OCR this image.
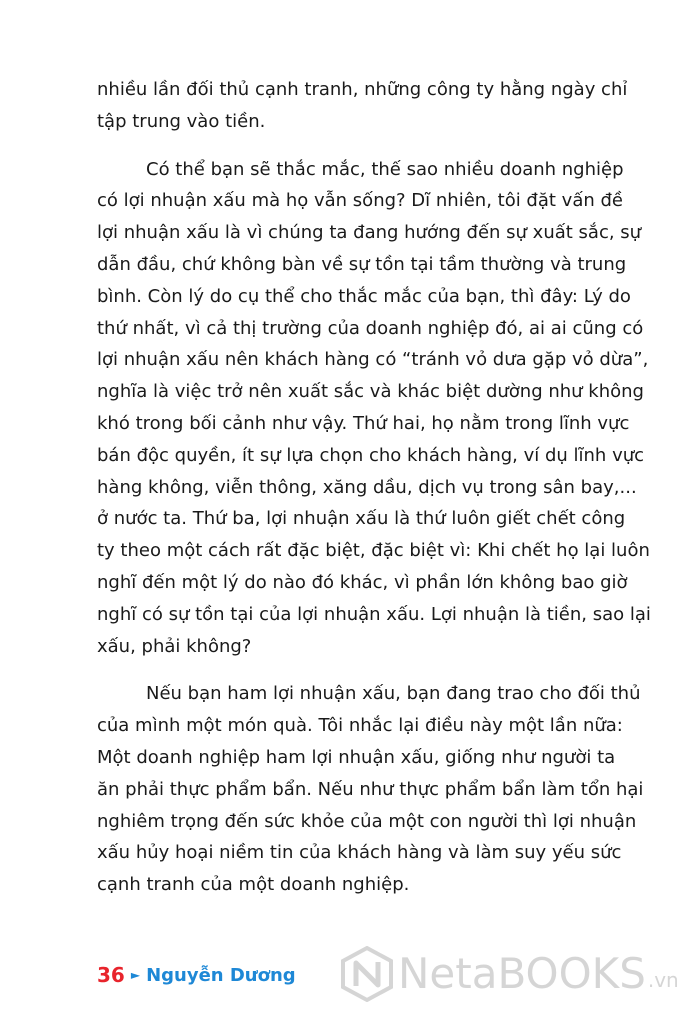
nhiều lần đối thủ cạnh tranh, những công ty hằng ngày chỉ
tập trung vào tiền.

Có thể bạn sẽ thắc mắc, thế sao nhiều doanh nghiệp
có lợi nhuận xấu mà họ vẫn sống? Dĩ nhiên, tôi đặt vấn đề
lợi nhuận xấu là vì chúng ta đang hướng đến sự xuất sắc, sự
dẫn đầu, chứ không bàn về sự tồn tại tầm thường và trung
bình. Còn lý do cụ thể cho thắc mắc của bạn, thì đây: Lý do
thứ nhất, vì cả thị trường của doanh nghiệp đó, ai ai cũng có
lợi nhuận xấu nên khách hàng có “tránh vỏ dưa gặp vỏ dừa”,
nghĩa là việc trở nên xuất sắc và khác biệt dường như không
khó trong bối cảnh như vậy. Thứ hai, họ nằm trong lĩnh vực
bán độc quyền, ít sự lựa chọn cho khách hàng, ví dụ lĩnh vực
hàng không, viễn thông, xăng dầu, dịch vụ trong sân bay,...
ở nước ta. Thứ ba, lợi nhuận xấu là thứ luôn giết chết công
ty theo một cách rất đặc biệt, đặc biệt vì: Khi chết họ lại luôn
nghĩ đến một lý do nào đó khác, vì phần lớn không bao giờ
nghĩ có sự tồn tại của lợi nhuận xấu. Lợi nhuận là tiền, sao lại
xấu, phải không?

Nếu bạn ham lợi nhuận xấu, bạn đang trao cho đối thủ
của mình một món quà. Tôi nhắc lại điều này một lần nữa:
Một doanh nghiệp ham lợi nhuận xấu, giống như người ta
ăn phải thực phẩm bẩn. Nếu như thực phẩm bẩn làm tổn hại
nghiêm trọng đến sức khỏe của một con người thì lợi nhuận
xấu hủy hoại niềm tin của khách hàng và làm suy yếu sức
cạnh tranh của một doanh nghiệp.

36 ► Nguyễn Dương NetaBOOKS .vn
